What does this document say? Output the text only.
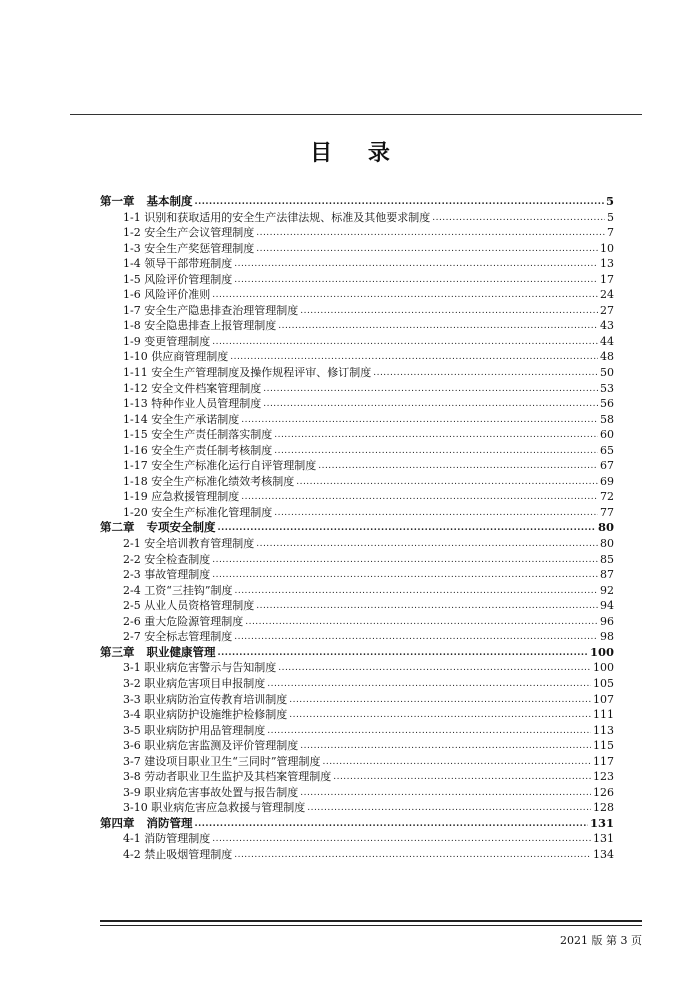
目 录
第一章 基本制度 .....	5
1-1 识别和获取适用的安全生产法律法规、标准及其他要求制度 .....	5
1-2 安全生产会议管理制度 .....	7
1-3 安全生产奖惩管理制度 .....	10
1-4 领导干部带班制度 .....	13
1-5 风险评价管理制度 .....	17
1-6 风险评价准则 .....	24
1-7 安全生产隐患排查治理管理制度 .....	27
1-8 安全隐患排查上报管理制度 .....	43
1-9 变更管理制度 .....	44
1-10 供应商管理制度 .....	48
1-11 安全生产管理制度及操作规程评审、修订制度 .....	50
1-12 安全文件档案管理制度 .....	53
1-13 特种作业人员管理制度 .....	56
1-14 安全生产承诺制度 .....	58
1-15 安全生产责任制落实制度 .....	60
1-16 安全生产责任制考核制度 .....	65
1-17 安全生产标准化运行自评管理制度 .....	67
1-18 安全生产标准化绩效考核制度 .....	69
1-19 应急救援管理制度 .....	72
1-20 安全生产标准化管理制度 .....	77
第二章 专项安全制度 .....	80
2-1 安全培训教育管理制度 .....	80
2-2 安全检查制度 .....	85
2-3 事故管理制度 .....	87
2-4 工资“三挂钩”制度 .....	92
2-5 从业人员资格管理制度 .....	94
2-6 重大危险源管理制度 .....	96
2-7 安全标志管理制度 .....	98
第三章 职业健康管理 .....	100
3-1 职业病危害警示与告知制度 .....	100
3-2 职业病危害项目申报制度 .....	105
3-3 职业病防治宣传教育培训制度 .....	107
3-4 职业病防护设施维护检修制度 .....	111
3-5 职业病防护用品管理制度 .....	113
3-6 职业病危害监测及评价管理制度 .....	115
3-7 建设项目职业卫生“三同时”管理制度 .....	117
3-8 劳动者职业卫生监护及其档案管理制度 .....	123
3-9 职业病危害事故处置与报告制度 .....	126
3-10 职业病危害应急救援与管理制度 .....	128
第四章 消防管理 .....	131
4-1 消防管理制度 .....	131
4-2 禁止吸烟管理制度 .....	134
2021 版 第 3 页
